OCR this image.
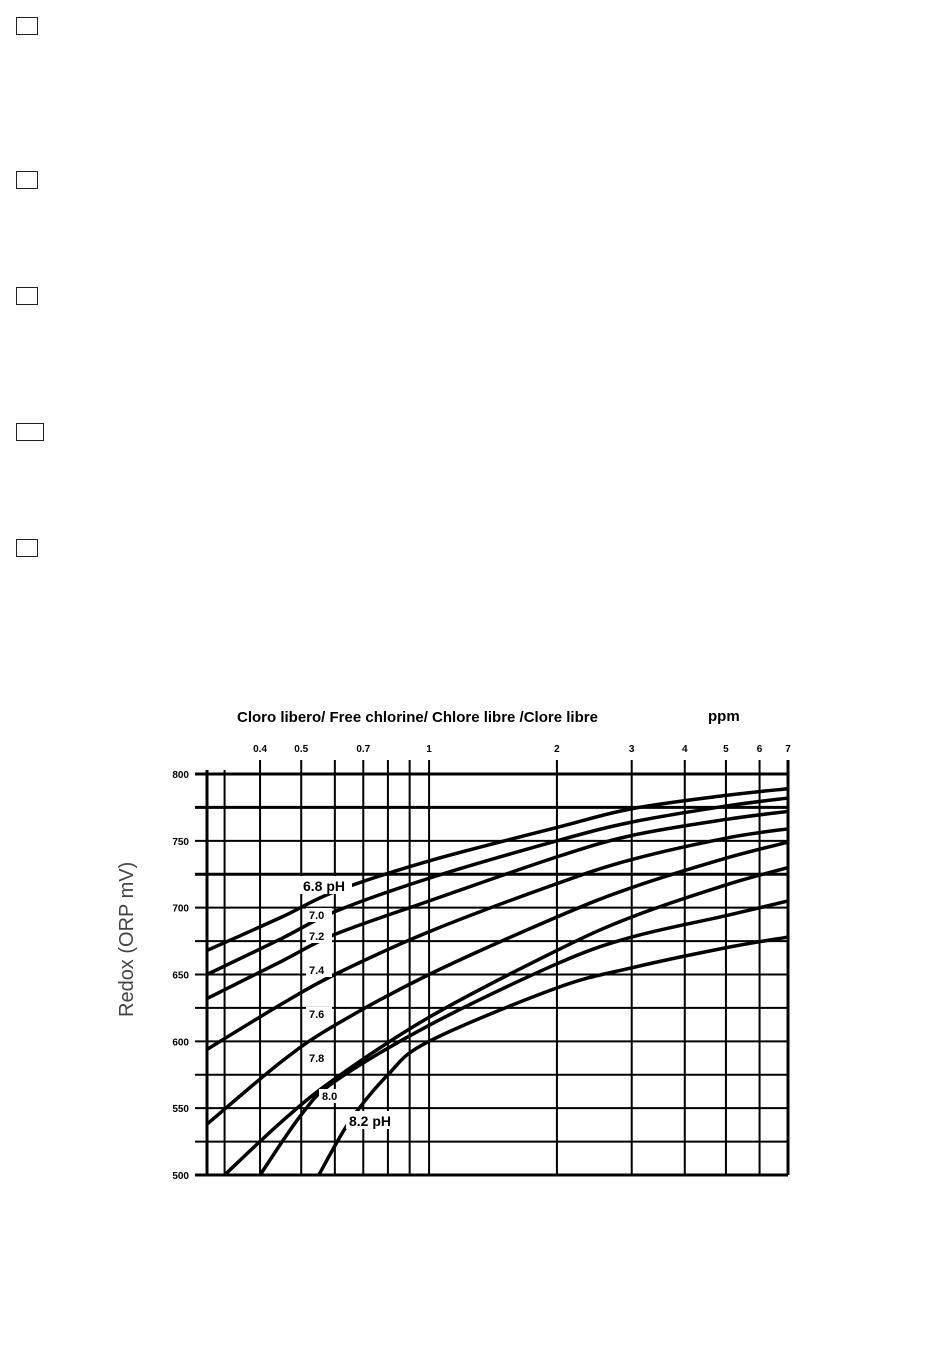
0.4	0.5	0.7	1	2	3	4	5	6 7
500
550
600
650
700
750
800
6.8 pH
7.0
7.2
7.4
7.6
7.8
8.0
8.2 pH
Cloro libero/ Free chlorine/ Chlore libre /Clore libre	ppm
Redox (ORP mV)
